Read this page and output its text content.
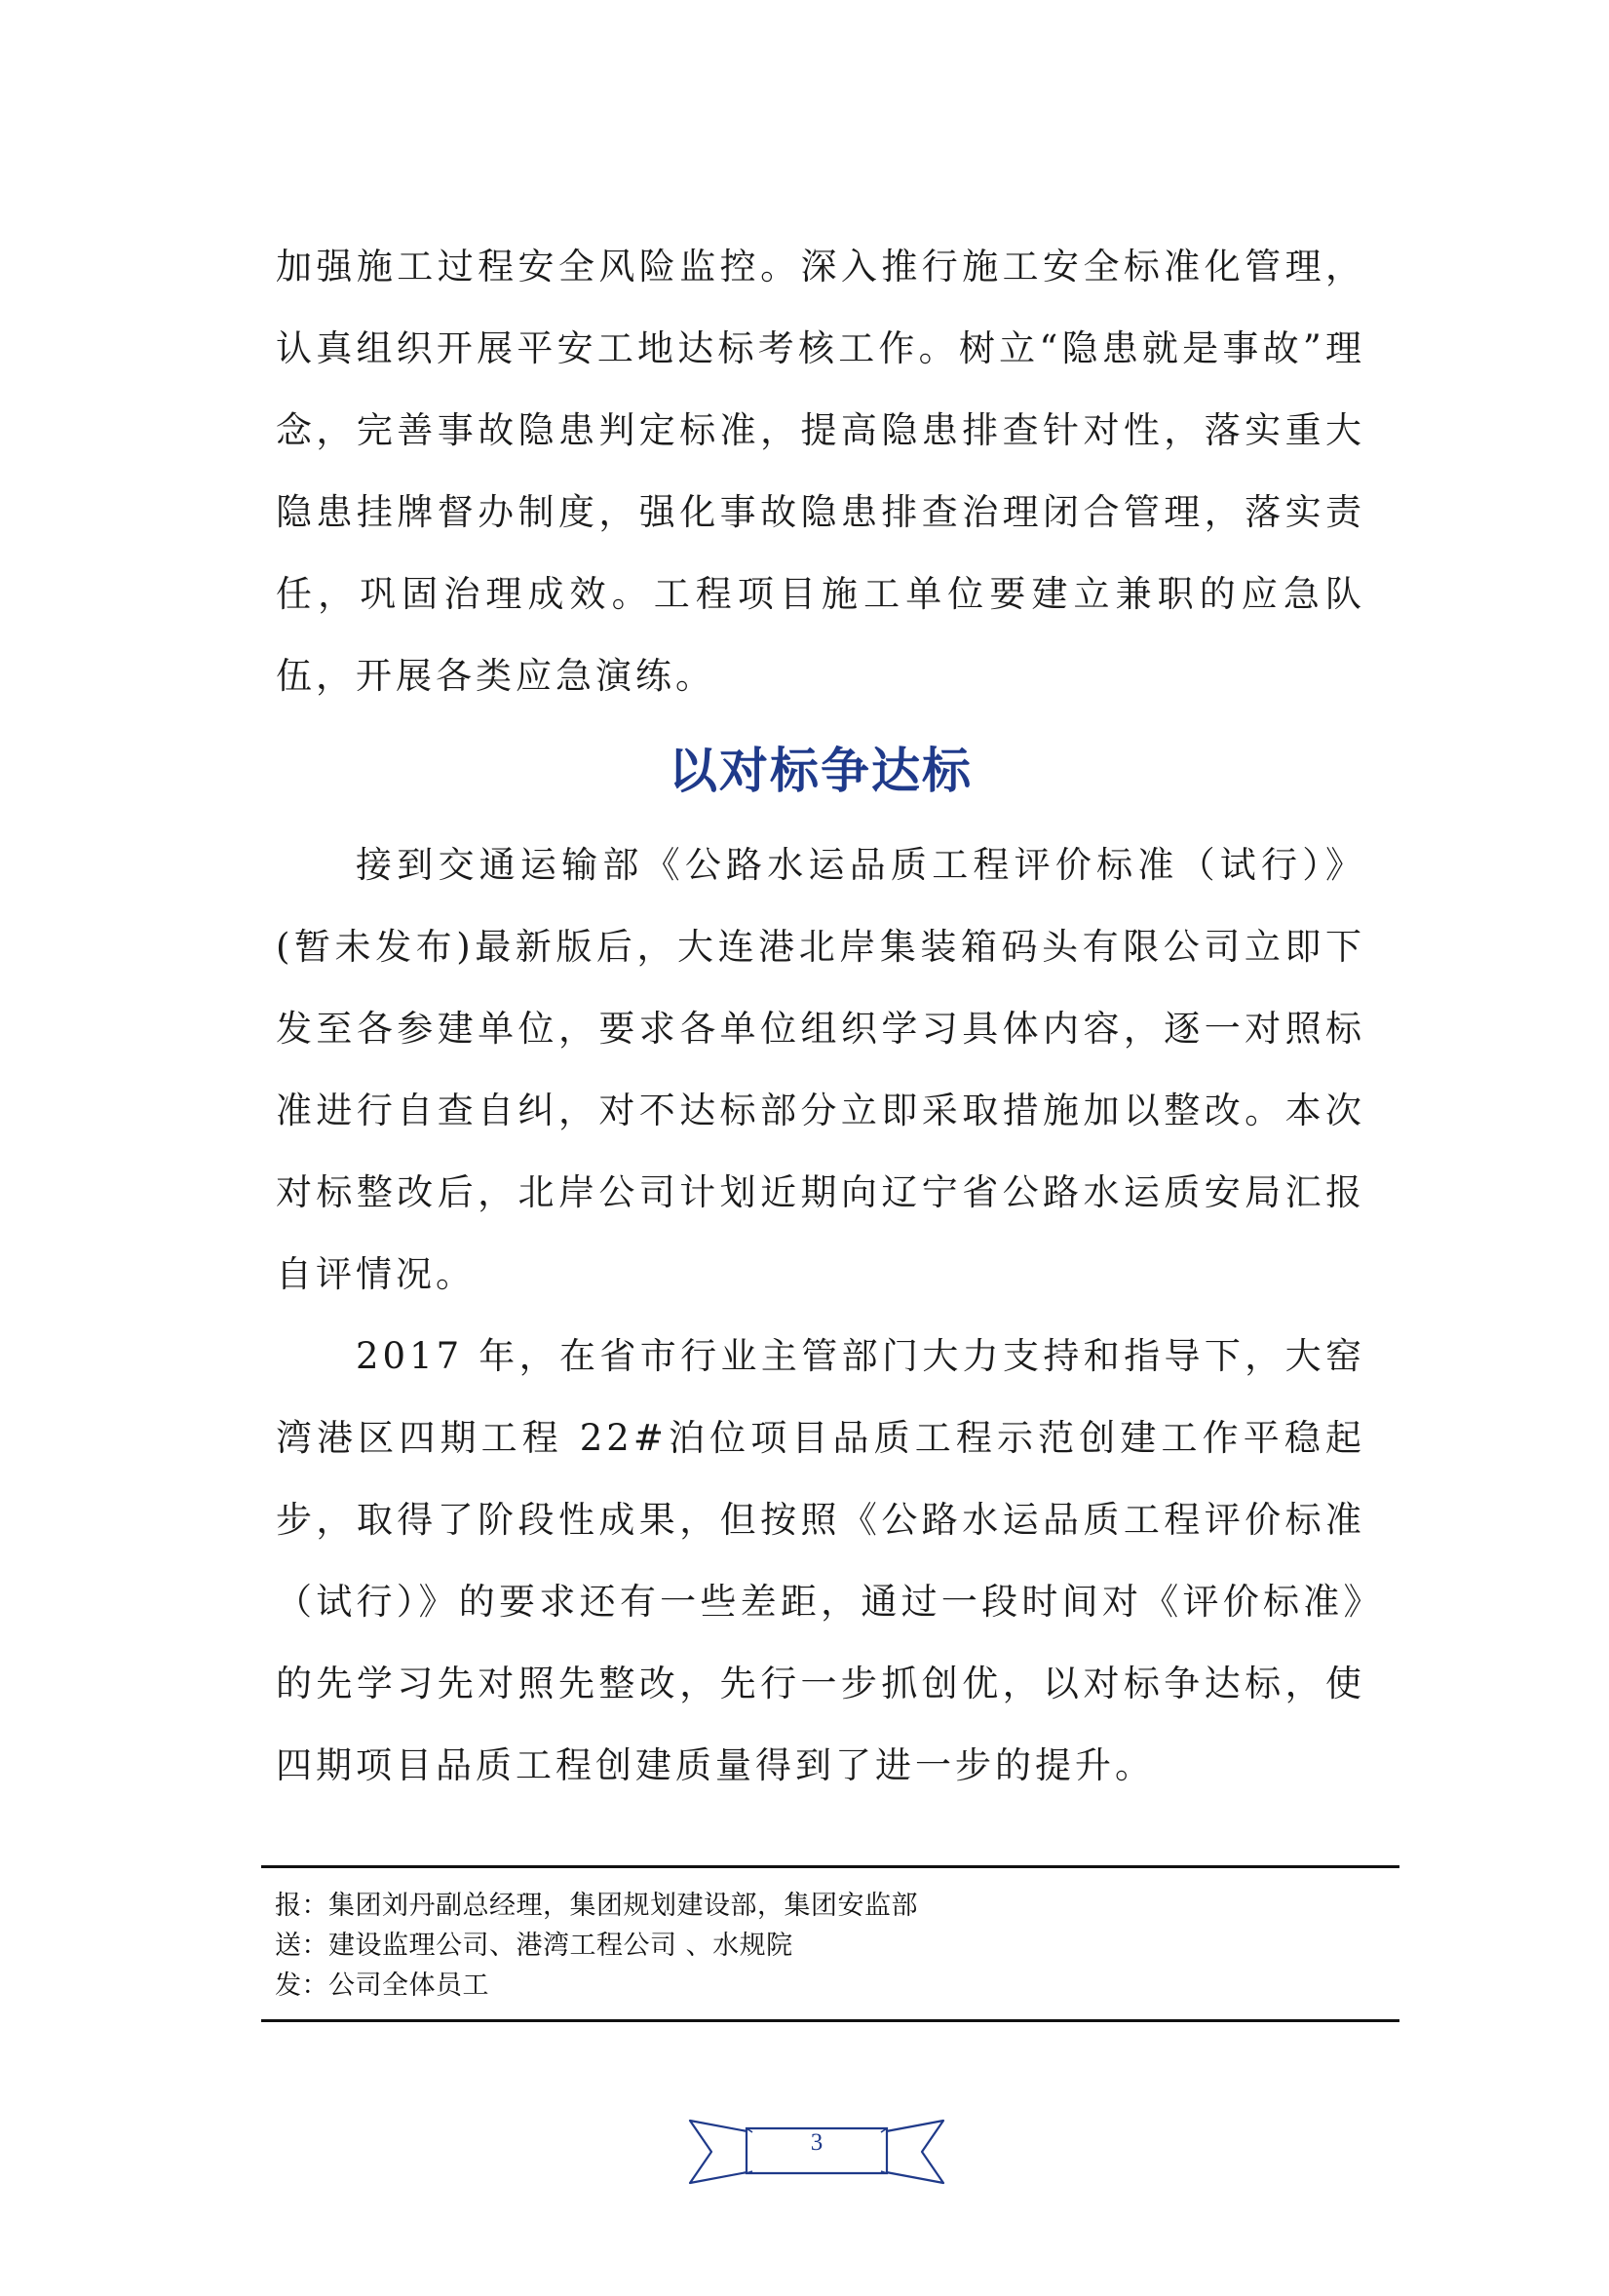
加强施工过程安全风险监控。深入推行施工安全标准化管理，认真组织开展平安工地达标考核工作。树立“隐患就是事故”理念，完善事故隐患判定标准，提高隐患排查针对性，落实重大隐患挂牌督办制度，强化事故隐患排查治理闭合管理，落实责任，巩固治理成效。工程项目施工单位要建立兼职的应急队伍，开展各类应急演练。

以对标争达标

接到交通运输部《公路水运品质工程评价标准（试行）》(暂未发布)最新版后，大连港北岸集装箱码头有限公司立即下发至各参建单位，要求各单位组织学习具体内容，逐一对照标准进行自查自纠，对不达标部分立即采取措施加以整改。本次对标整改后，北岸公司计划近期向辽宁省公路水运质安局汇报自评情况。

2017 年，在省市行业主管部门大力支持和指导下，大窑湾港区四期工程 22#泊位项目品质工程示范创建工作平稳起步，取得了阶段性成果，但按照《公路水运品质工程评价标准（试行）》的要求还有一些差距，通过一段时间对《评价标准》的先学习先对照先整改，先行一步抓创优，以对标争达标，使四期项目品质工程创建质量得到了进一步的提升。

报：集团刘丹副总经理，集团规划建设部，集团安监部
送：建设监理公司、港湾工程公司 、水规院
发：公司全体员工
3
